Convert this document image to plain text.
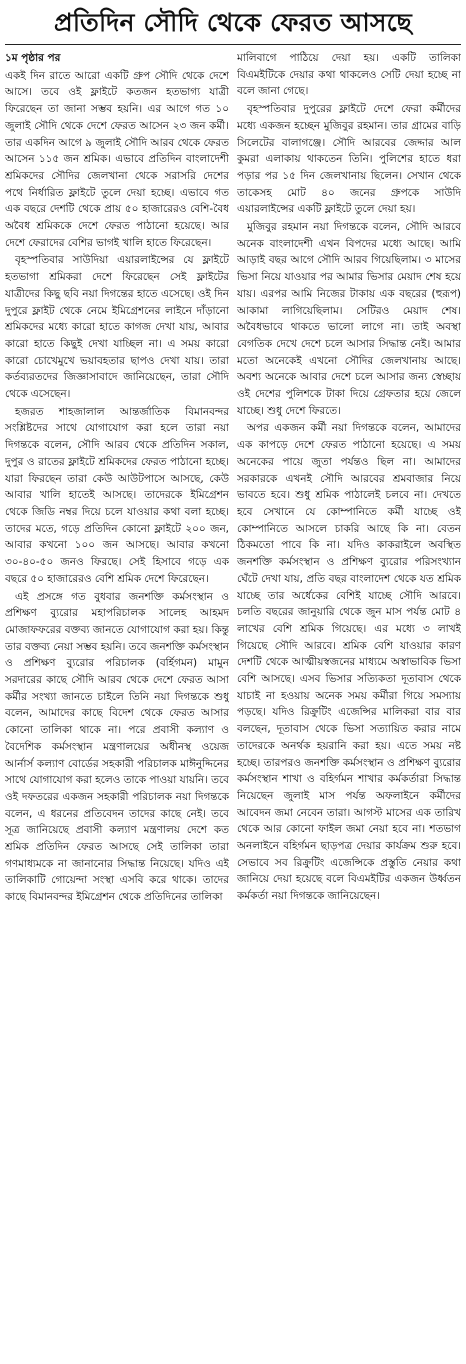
প্রতিদিন সৌদি থেকে ফেরত আসছে
১ম পৃষ্ঠার পর

একই দিন রাতে আরো একটি গ্রুপ সৌদি থেকে দেশে আসে। তবে ওই ফ্লাইটে কতজন হতভাগ্য যাত্রী ফিরেছেন তা জানা সম্ভব হয়নি। এর আগে গত ১০ জুলাই সৌদি থেকে দেশে ফেরত আসেন ২৩ জন কর্মী। তার একদিন আগে ৯ জুলাই সৌদি আরব থেকে ফেরত আসেন ১১৫ জন শ্রমিক। এভাবে প্রতিদিন বাংলাদেশী শ্রমিকদের সৌদির জেলখানা থেকে সরাসরি দেশের পথে নির্ধারিত ফ্লাইটে তুলে দেয়া হচ্ছে। এভাবে গত এক বছরে দেশটি থেকে প্রায় ৫০ হাজারেরও বেশি-বৈধ অবৈধ শ্রমিককে দেশে ফেরত পাঠানো হয়েছে। আর দেশে ফেরাদের বেশির ভাগই খালি হাতে ফিরেছেন।

বৃহস্পতিবার সাউদিয়া এয়ারলাইন্সের যে ফ্লাইটে হতভাগা শ্রমিকরা দেশে ফিরেছেন সেই ফ্লাইটের যাত্রীদের কিছু ছবি নয়া দিগন্তের হাতে এসেছে। ওই দিন দুপুরে ফ্লাইট থেকে নেমে ইমিগ্রেশনের লাইনে দাঁড়ানো শ্রমিকদের মধ্যে কারো হাতে কাগজ দেখা যায়, আবার কারো হাতে কিছুই দেখা যাচ্ছিল না। এ সময় কারো কারো চোখেমুখে ভয়াবহতার ছাপও দেখা যায়। তারা কর্তব্যরতদের জিজ্ঞাসাবাদে জানিয়েছেন, তারা সৌদি থেকে এসেছেন।

হজরত শাহজালাল আন্তর্জাতিক বিমানবন্দর সংশ্লিষ্টদের সাথে যোগাযোগ করা হলে তারা নয়া দিগন্তকে বলেন, সৌদি আরব থেকে প্রতিদিন সকাল, দুপুর ও রাতের ফ্লাইটে শ্রমিকদের ফেরত পাঠানো হচ্ছে। যারা ফিরছেন তারা কেউ আউটপাসে আসছে, কেউ আবার খালি হাতেই আসছে। তাদেরকে ইমিগ্রেশন থেকে জিডি নম্বর দিয়ে চলে যাওয়ার কথা বলা হচ্ছে। তাদের মতে, গড়ে প্রতিদিন কোনো ফ্লাইটে ২০০ জন, আবার কখনো ১০০ জন আসছে। আবার কখনো ৩০-৪০-৫০ জনও ফিরছে। সেই হিসাবে গড়ে এক বছরে ৫০ হাজারেরও বেশি শ্রমিক দেশে ফিরেছেন।

এই প্রসঙ্গে গত বুধবার জনশক্তি কর্মসংস্থান ও প্রশিক্ষণ ব্যুরোর মহাপরিচালক সালেহ আহমদ মোজাফফরের বক্তব্য জানতে যোগাযোগ করা হয়। কিন্তু তার বক্তব্য নেয়া সম্ভব হয়নি। তবে জনশক্তি কর্মসংস্থান ও প্রশিক্ষণ ব্যুরোর পরিচালক (বর্হিগমন) মামুন সরদারের কাছে সৌদি আরব থেকে দেশে ফেরত আসা কর্মীর সংখ্যা জানতে চাইলে তিনি নয়া দিগন্তকে শুধু বলেন, আমাদের কাছে বিদেশ থেকে ফেরত আসার কোনো তালিকা থাকে না। পরে প্রবাসী কল্যাণ ও বৈদেশিক কর্মসংস্থান মন্ত্রণালয়ের অধীনস্থ ওয়েজ আর্নার্স কল্যাণ বোর্ডের সহকারী পরিচালক মাঈনুদ্দিনের সাথে যোগাযোগ করা হলেও তাকে পাওয়া যায়নি। তবে ওই দফতরের একজন সহকারী পরিচালক নয়া দিগন্তকে বলেন, এ ধরনের প্রতিবেদন তাদের কাছে নেই। তবে সূত্র জানিয়েছে প্রবাসী কল্যাণ মন্ত্রণালয় দেশে কত শ্রমিক প্রতিদিন ফেরত আসছে সেই তালিকা তারা গণমাধ্যমকে না জানানোর সিদ্ধান্ত নিয়েছে। যদিও এই তালিকাটি গোয়েন্দা সংস্থা এসবি করে থাকে। তাদের কাছে বিমানবন্দর ইমিগ্রেশন থেকে প্রতিদিনের তালিকা

মালিবাগে পাঠিয়ে দেয়া হয়। একটি তালিকা বিএমইটিকে দেয়ার কথা থাকলেও সেটি দেয়া হচ্ছে না বলে জানা গেছে।

বৃহস্পতিবার দুপুরের ফ্লাইটে দেশে ফেরা কর্মীদের মধ্যে একজন হচ্ছেন মুজিবুর রহমান। তার গ্রামের বাড়ি সিলেটের বালাগঞ্জে। সৌদি আরবের জেদ্দার আল কুমরা এলাকায় থাকতেন তিনি। পুলিশের হাতে ধরা পড়ার পর ১৫ দিন জেলখানায় ছিলেন। সেখান থেকে তাকেসহ মোট ৪০ জনের গ্রুপকে সাউদি এয়ারলাইন্সের একটি ফ্লাইটে তুলে দেয়া হয়।

মুজিবুর রহমান নয়া দিগন্তকে বলেন, সৌদি আরবে অনেক বাংলাদেশী এখন বিপদের মধ্যে আছে। আমি আড়াই বছর আগে সৌদি আরব গিয়েছিলাম। ৩ মাসের ভিসা নিয়ে যাওয়ার পর আমার ভিসার মেয়াদ শেষ হয়ে যায়। এরপর আমি নিজের টাকায় এক বছরের (হুরূপ) আকামা লাগিয়েছিলাম। সেটিরও মেয়াদ শেষ। অবৈধভাবে থাকতে ভালো লাগে না। তাই অবস্থা বেগতিক দেখে দেশে চলে আসার সিদ্ধান্ত নেই। আমার মতো অনেকেই এখনো সৌদির জেলখানায় আছে। অবশ্য অনেকে আবার দেশে চলে আসার জন্য স্বেচ্ছায় ওই দেশের পুলিশকে টাকা দিয়ে গ্রেফতার হয়ে জেলে যাচ্ছে। শুধু দেশে ফিরতে।

অপর একজন কর্মী নয়া দিগন্তকে বলেন, আমাদের এক কাপড়ে দেশে ফেরত পাঠানো হয়েছে। এ সময় অনেকের পায়ে জুতা পর্যন্তও ছিল না। আমাদের সরকারকে এখনই সৌদি আরবের শ্রমবাজার নিয়ে ভাবতে হবে। শুধু শ্রমিক পাঠালেই চলবে না। দেখতে হবে সেখানে যে কোম্পানিতে কর্মী যাচ্ছে ওই কোম্পানিতে আসলে চাকরি আছে কি না। বেতন ঠিকমতো পাবে কি না। যদিও কাকরাইলে অবস্থিত জনশক্তি কর্মসংস্থান ও প্রশিক্ষণ ব্যুরোর পরিসংখ্যান ঘেঁটে দেখা যায়, প্রতি বছর বাংলাদেশ থেকে যত শ্রমিক যাচ্ছে তার অর্ধেকের বেশিই যাচ্ছে সৌদি আরবে। চলতি বছরের জানুয়ারি থেকে জুন মাস পর্যন্ত মোট ৪ লাখের বেশি শ্রমিক গিয়েছে। এর মধ্যে ৩ লাখই গিয়েছে সৌদি আরবে। শ্রমিক বেশি যাওয়ার কারণ দেশটি থেকে আত্মীয়স্বজনের মাধ্যমে অস্বাভাবিক ভিসা বেশি আসছে। এসব ভিসার সত্যিকতা দূতাবাস থেকে যাচাই না হওয়ায় অনেক সময় কর্মীরা গিয়ে সমস্যায় পড়ছে। যদিও রিক্রুটিং এজেন্সির মালিকরা বার বার বলছেন, দূতাবাস থেকে ভিসা সত্যায়িত করার নামে তাদেরকে অনর্থক হয়রানি করা হয়। এতে সময় নষ্ট হচ্ছে। তারপরও জনশক্তি কর্মসংস্থান ও প্রশিক্ষণ ব্যুরোর কর্মসংস্থান শাখা ও বহির্গমন শাখার কর্মকর্তারা সিদ্ধান্ত নিয়েছেন জুলাই মাস পর্যন্ত অফলাইনে কর্মীদের আবেদন জমা নেবেন তারা। আগস্ট মাসের এক তারিখ থেকে আর কোনো ফাইল জমা নেয়া হবে না। শতভাগ অনলাইনে বহির্গমন ছাড়পত্র দেয়ার কার্যক্রম শুরু হবে। সেভাবে সব রিক্রুটিং এজেন্সিকে প্রস্তুতি নেয়ার কথা জানিয়ে দেয়া হয়েছে বলে বিএমইটির একজন উর্ধ্বতন কর্মকর্তা নয়া দিগন্তকে জানিয়েছেন।
